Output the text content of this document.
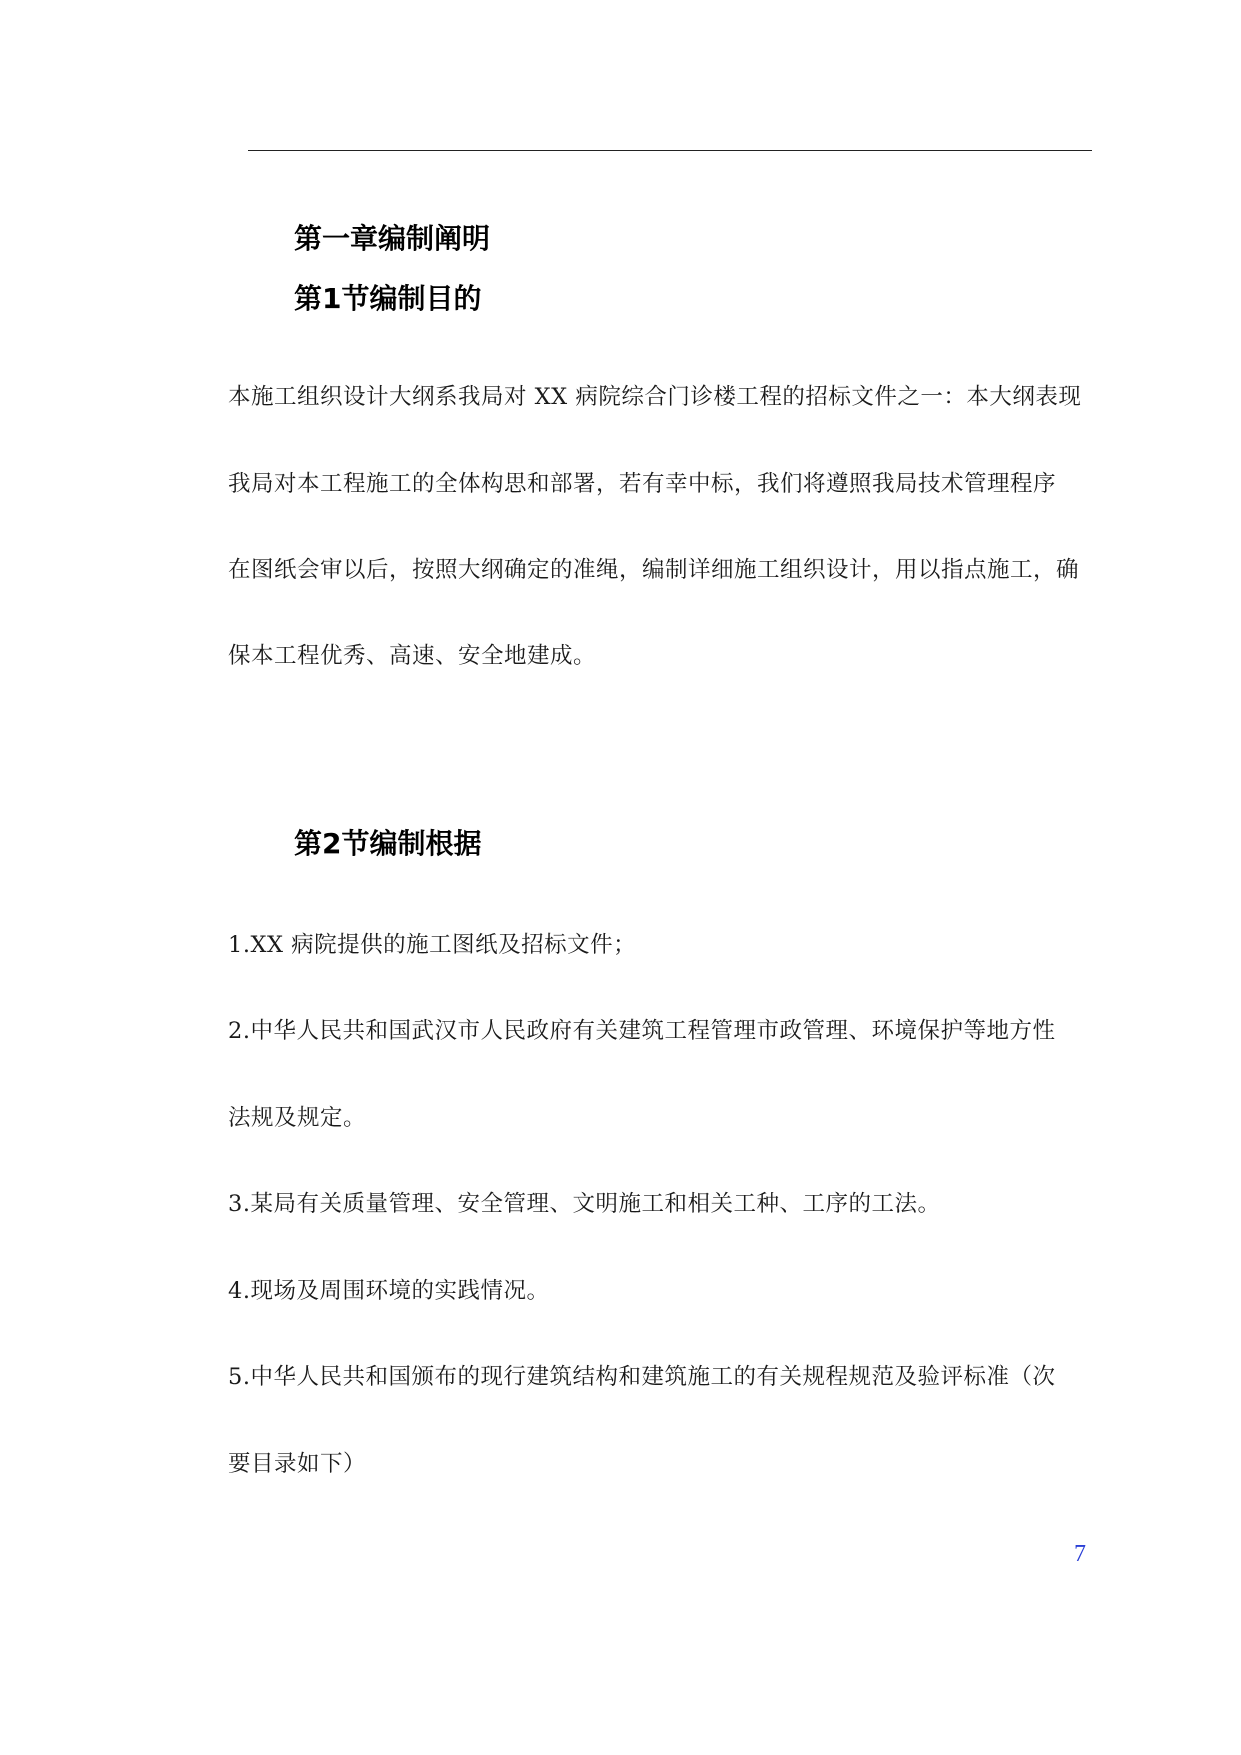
第一章编制阐明
第1节编制目的
本施工组织设计大纲系我局对 XX 病院综合门诊楼工程的招标文件之一：本大纲表现
我局对本工程施工的全体构思和部署，若有幸中标，我们将遵照我局技术管理程序
在图纸会审以后，按照大纲确定的准绳，编制详细施工组织设计，用以指点施工，确
保本工程优秀、高速、安全地建成。
第2节编制根据
1.XX 病院提供的施工图纸及招标文件；
2.中华人民共和国武汉市人民政府有关建筑工程管理市政管理、环境保护等地方性
法规及规定。
3.某局有关质量管理、安全管理、文明施工和相关工种、工序的工法。
4.现场及周围环境的实践情况。
5.中华人民共和国颁布的现行建筑结构和建筑施工的有关规程规范及验评标准（次
要目录如下）
7
